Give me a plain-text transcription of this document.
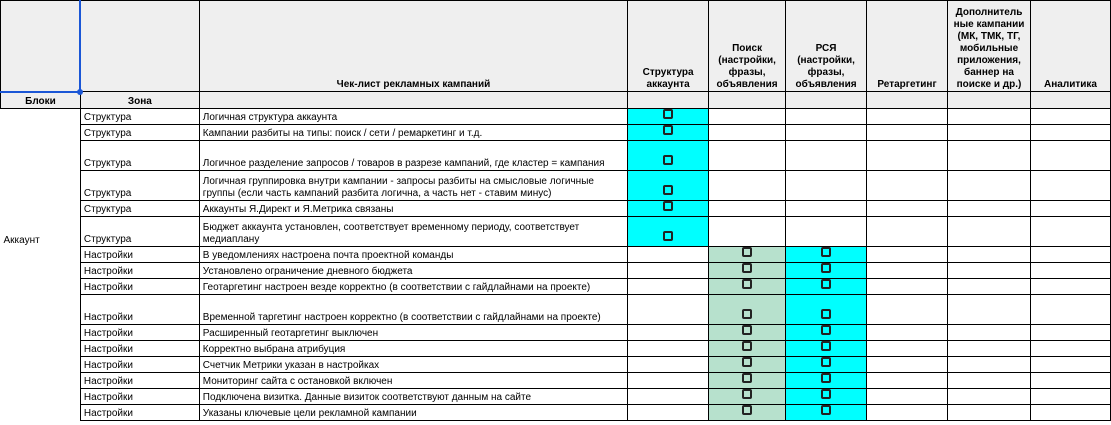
		Чек-лист рекламных кампаний	Структура аккаунта	Поиск (настройки, фразы, объявления	РСЯ (настройки, фразы, объявления	Ретаргетинг	Дополнитель ные кампании (МК, ТМК, ТГ, мобильные приложения, баннер на поиске и др.)	Аналитика
Блоки	Зона							
Аккаунт	Структура	Логичная структура аккаунта						
	Структура	Кампании разбиты на типы: поиск / сети / ремаркетинг и т.д.						
	Структура	Логичное разделение запросов / товаров в разрезе кампаний, где кластер = кампания						
	Структура	Логичная группировка внутри кампании - запросы разбиты на смысловые логичные группы (если часть кампаний разбита логична, а часть нет - ставим минус)						
	Структура	Аккаунты Я.Директ и Я.Метрика связаны						
	Структура	Бюджет аккаунта установлен, соответствует временному периоду, соответствует медиаплану						
	Настройки	В уведомлениях настроена почта проектной команды						
	Настройки	Установлено ограничение дневного бюджета						
	Настройки	Геотаргетинг настроен везде корректно (в соответствии с гайдлайнами на проекте)						
	Настройки	Временной таргетинг настроен корректно (в соответствии с гайдлайнами на проекте)						
	Настройки	Расширенный геотаргетинг выключен						
	Настройки	Корректно выбрана атрибуция						
	Настройки	Счетчик Метрики указан в настройках						
	Настройки	Мониторинг сайта с остановкой включен						
	Настройки	Подключена визитка. Данные визиток соответствуют данным на сайте						
	Настройки	Указаны ключевые цели рекламной кампании						
